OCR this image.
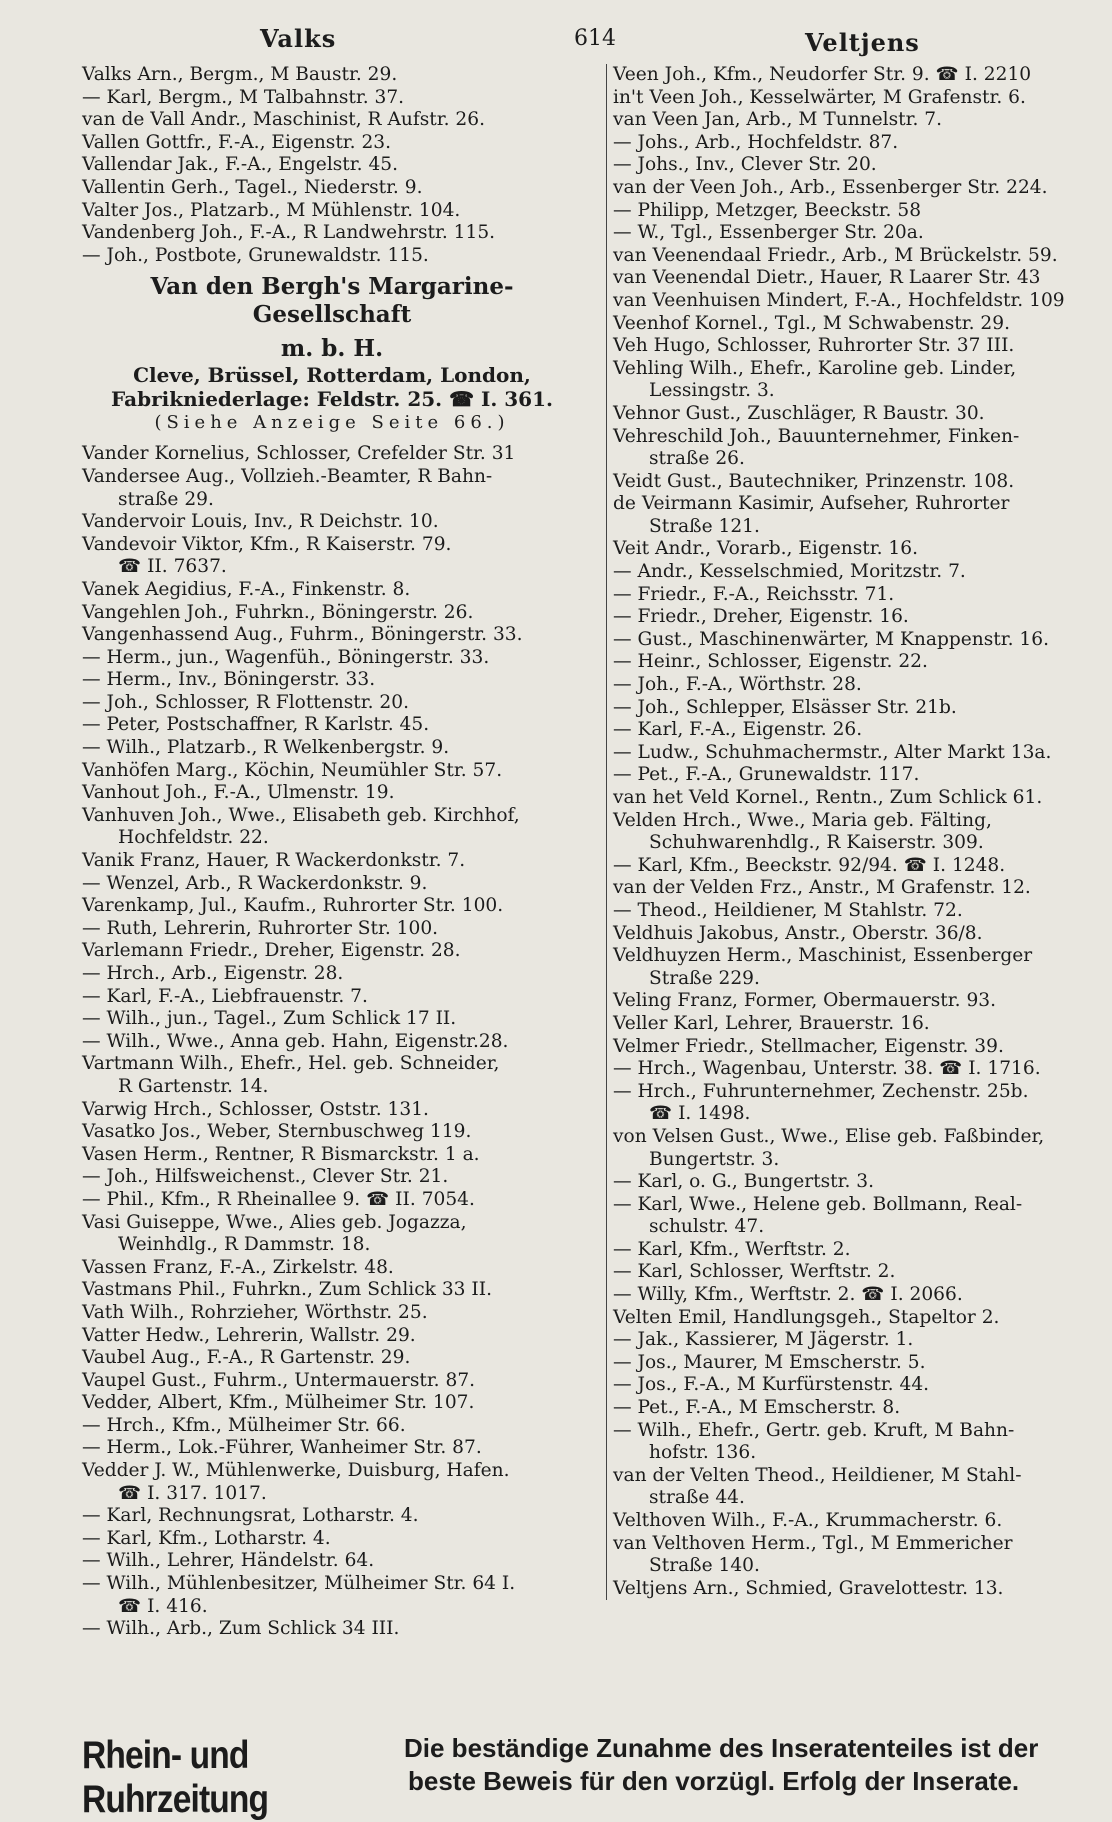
Valks	614	Veltjens
Valks Arn., Bergm., M Baustr. 29.
— Karl, Bergm., M Talbahnstr. 37.
van de Vall Andr., Maschinist, R Aufstr. 26.
Vallen Gottfr., F.-A., Eigenstr. 23.
Vallendar Jak., F.-A., Engelstr. 45.
Vallentin Gerh., Tagel., Niederstr. 9.
Valter Jos., Platzarb., M Mühlenstr. 104.
Vandenberg Joh., F.-A., R Landwehrstr. 115.
— Joh., Postbote, Grunewaldstr. 115.
Van den Bergh's Margarine-Gesellschaft
m. b. H.
Cleve, Brüssel, Rotterdam, London,
Fabrikniederlage: Feldstr. 25. ☎ I. 361.
(Siehe Anzeige Seite 66.)
Vander Kornelius, Schlosser, Crefelder Str. 31
Vandersee Aug., Vollzieh.-Beamter, R Bahn-
straße 29.
Vandervoir Louis, Inv., R Deichstr. 10.
Vandevoir Viktor, Kfm., R Kaiserstr. 79.
☎ II. 7637.
Vanek Aegidius, F.-A., Finkenstr. 8.
Vangehlen Joh., Fuhrkn., Böningerstr. 26.
Vangenhassend Aug., Fuhrm., Böningerstr. 33.
— Herm., jun., Wagenfüh., Böningerstr. 33.
— Herm., Inv., Böningerstr. 33.
— Joh., Schlosser, R Flottenstr. 20.
— Peter, Postschaffner, R Karlstr. 45.
— Wilh., Platzarb., R Welkenbergstr. 9.
Vanhöfen Marg., Köchin, Neumühler Str. 57.
Vanhout Joh., F.-A., Ulmenstr. 19.
Vanhuven Joh., Wwe., Elisabeth geb. Kirchhof,
Hochfeldstr. 22.
Vanik Franz, Hauer, R Wackerdonkstr. 7.
— Wenzel, Arb., R Wackerdonkstr. 9.
Varenkamp, Jul., Kaufm., Ruhrorter Str. 100.
— Ruth, Lehrerin, Ruhrorter Str. 100.
Varlemann Friedr., Dreher, Eigenstr. 28.
— Hrch., Arb., Eigenstr. 28.
— Karl, F.-A., Liebfrauenstr. 7.
— Wilh., jun., Tagel., Zum Schlick 17 II.
— Wilh., Wwe., Anna geb. Hahn, Eigenstr.28.
Vartmann Wilh., Ehefr., Hel. geb. Schneider,
R Gartenstr. 14.
Varwig Hrch., Schlosser, Oststr. 131.
Vasatko Jos., Weber, Sternbuschweg 119.
Vasen Herm., Rentner, R Bismarckstr. 1 a.
— Joh., Hilfsweichenst., Clever Str. 21.
— Phil., Kfm., R Rheinallee 9. ☎ II. 7054.
Vasi Guiseppe, Wwe., Alies geb. Jogazza,
Weinhdlg., R Dammstr. 18.
Vassen Franz, F.-A., Zirkelstr. 48.
Vastmans Phil., Fuhrkn., Zum Schlick 33 II.
Vath Wilh., Rohrzieher, Wörthstr. 25.
Vatter Hedw., Lehrerin, Wallstr. 29.
Vaubel Aug., F.-A., R Gartenstr. 29.
Vaupel Gust., Fuhrm., Untermauerstr. 87.
Vedder, Albert, Kfm., Mülheimer Str. 107.
— Hrch., Kfm., Mülheimer Str. 66.
— Herm., Lok.-Führer, Wanheimer Str. 87.
Vedder J. W., Mühlenwerke, Duisburg, Hafen.
☎ I. 317. 1017.
— Karl, Rechnungsrat, Lotharstr. 4.
— Karl, Kfm., Lotharstr. 4.
— Wilh., Lehrer, Händelstr. 64.
— Wilh., Mühlenbesitzer, Mülheimer Str. 64 I.
☎ I. 416.
— Wilh., Arb., Zum Schlick 34 III.
Veen Joh., Kfm., Neudorfer Str. 9. ☎ I. 2210
in't Veen Joh., Kesselwärter, M Grafenstr. 6.
van Veen Jan, Arb., M Tunnelstr. 7.
— Johs., Arb., Hochfeldstr. 87.
— Johs., Inv., Clever Str. 20.
van der Veen Joh., Arb., Essenberger Str. 224.
— Philipp, Metzger, Beeckstr. 58
— W., Tgl., Essenberger Str. 20a.
van Veenendaal Friedr., Arb., M Brückelstr. 59.
van Veenendal Dietr., Hauer, R Laarer Str. 43
van Veenhuisen Mindert, F.-A., Hochfeldstr. 109
Veenhof Kornel., Tgl., M Schwabenstr. 29.
Veh Hugo, Schlosser, Ruhrorter Str. 37 III.
Vehling Wilh., Ehefr., Karoline geb. Linder,
Lessingstr. 3.
Vehnor Gust., Zuschläger, R Baustr. 30.
Vehreschild Joh., Bauunternehmer, Finken-
straße 26.
Veidt Gust., Bautechniker, Prinzenstr. 108.
de Veirmann Kasimir, Aufseher, Ruhrorter
Straße 121.
Veit Andr., Vorarb., Eigenstr. 16.
— Andr., Kesselschmied, Moritzstr. 7.
— Friedr., F.-A., Reichsstr. 71.
— Friedr., Dreher, Eigenstr. 16.
— Gust., Maschinenwärter, M Knappenstr. 16.
— Heinr., Schlosser, Eigenstr. 22.
— Joh., F.-A., Wörthstr. 28.
— Joh., Schlepper, Elsässer Str. 21b.
— Karl, F.-A., Eigenstr. 26.
— Ludw., Schuhmachermstr., Alter Markt 13a.
— Pet., F.-A., Grunewaldstr. 117.
van het Veld Kornel., Rentn., Zum Schlick 61.
Velden Hrch., Wwe., Maria geb. Fälting,
Schuhwarenhdlg., R Kaiserstr. 309.
— Karl, Kfm., Beeckstr. 92/94. ☎ I. 1248.
van der Velden Frz., Anstr., M Grafenstr. 12.
— Theod., Heildiener, M Stahlstr. 72.
Veldhuis Jakobus, Anstr., Oberstr. 36/8.
Veldhuyzen Herm., Maschinist, Essenberger
Straße 229.
Veling Franz, Former, Obermauerstr. 93.
Veller Karl, Lehrer, Brauerstr. 16.
Velmer Friedr., Stellmacher, Eigenstr. 39.
— Hrch., Wagenbau, Unterstr. 38. ☎ I. 1716.
— Hrch., Fuhrunternehmer, Zechenstr. 25b.
☎ I. 1498.
von Velsen Gust., Wwe., Elise geb. Faßbinder,
Bungertstr. 3.
— Karl, o. G., Bungertstr. 3.
— Karl, Wwe., Helene geb. Bollmann, Real-
schulstr. 47.
— Karl, Kfm., Werftstr. 2.
— Karl, Schlosser, Werftstr. 2.
— Willy, Kfm., Werftstr. 2. ☎ I. 2066.
Velten Emil, Handlungsgeh., Stapeltor 2.
— Jak., Kassierer, M Jägerstr. 1.
— Jos., Maurer, M Emscherstr. 5.
— Jos., F.-A., M Kurfürstenstr. 44.
— Pet., F.-A., M Emscherstr. 8.
— Wilh., Ehefr., Gertr. geb. Kruft, M Bahn-
hofstr. 136.
van der Velten Theod., Heildiener, M Stahl-
straße 44.
Velthoven Wilh., F.-A., Krummacherstr. 6.
van Velthoven Herm., Tgl., M Emmericher
Straße 140.
Veltjens Arn., Schmied, Gravelottestr. 13.
Rhein- und Ruhrzeitung
Die beständige Zunahme des Inseratenteiles ist der
beste Beweis für den vorzügl. Erfolg der Inserate.
